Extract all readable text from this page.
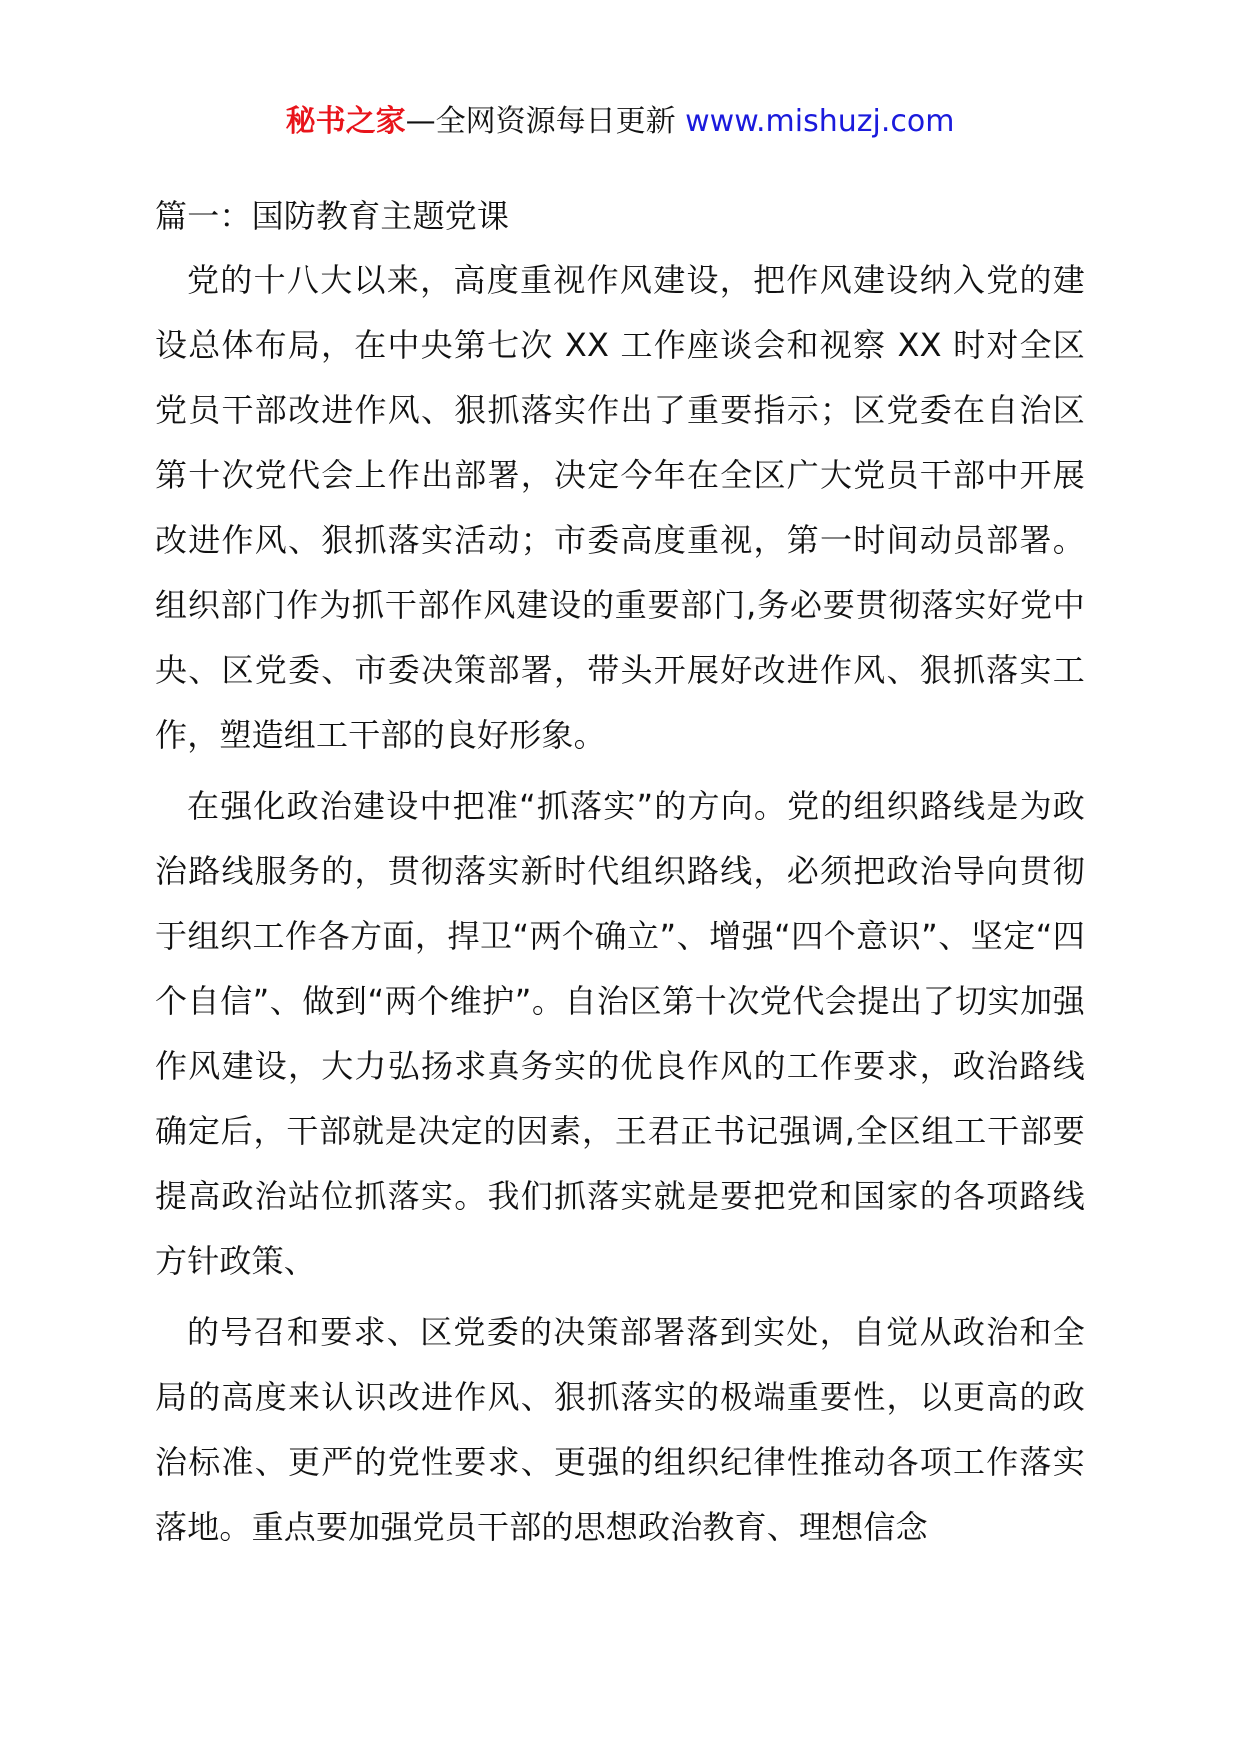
秘书之家—全网资源每日更新 www.mishuzj.com
篇一：国防教育主题党课

党的十八大以来，高度重视作风建设，把作风建设纳入党的建设总体布局，在中央第七次 XX 工作座谈会和视察 XX 时对全区党员干部改进作风、狠抓落实作出了重要指示；区党委在自治区第十次党代会上作出部署，决定今年在全区广大党员干部中开展改进作风、狠抓落实活动；市委高度重视，第一时间动员部署。组织部门作为抓干部作风建设的重要部门,务必要贯彻落实好党中央、区党委、市委决策部署，带头开展好改进作风、狠抓落实工作，塑造组工干部的良好形象。

在强化政治建设中把准“抓落实”的方向。党的组织路线是为政治路线服务的，贯彻落实新时代组织路线，必须把政治导向贯彻于组织工作各方面，捍卫“两个确立”、增强“四个意识”、坚定“四个自信”、做到“两个维护”。自治区第十次党代会提出了切实加强作风建设，大力弘扬求真务实的优良作风的工作要求，政治路线确定后，干部就是决定的因素，王君正书记强调,全区组工干部要提高政治站位抓落实。我们抓落实就是要把党和国家的各项路线方针政策、

的号召和要求、区党委的决策部署落到实处，自觉从政治和全局的高度来认识改进作风、狠抓落实的极端重要性，以更高的政治标准、更严的党性要求、更强的组织纪律性推动各项工作落实落地。重点要加强党员干部的思想政治教育、理想信念
